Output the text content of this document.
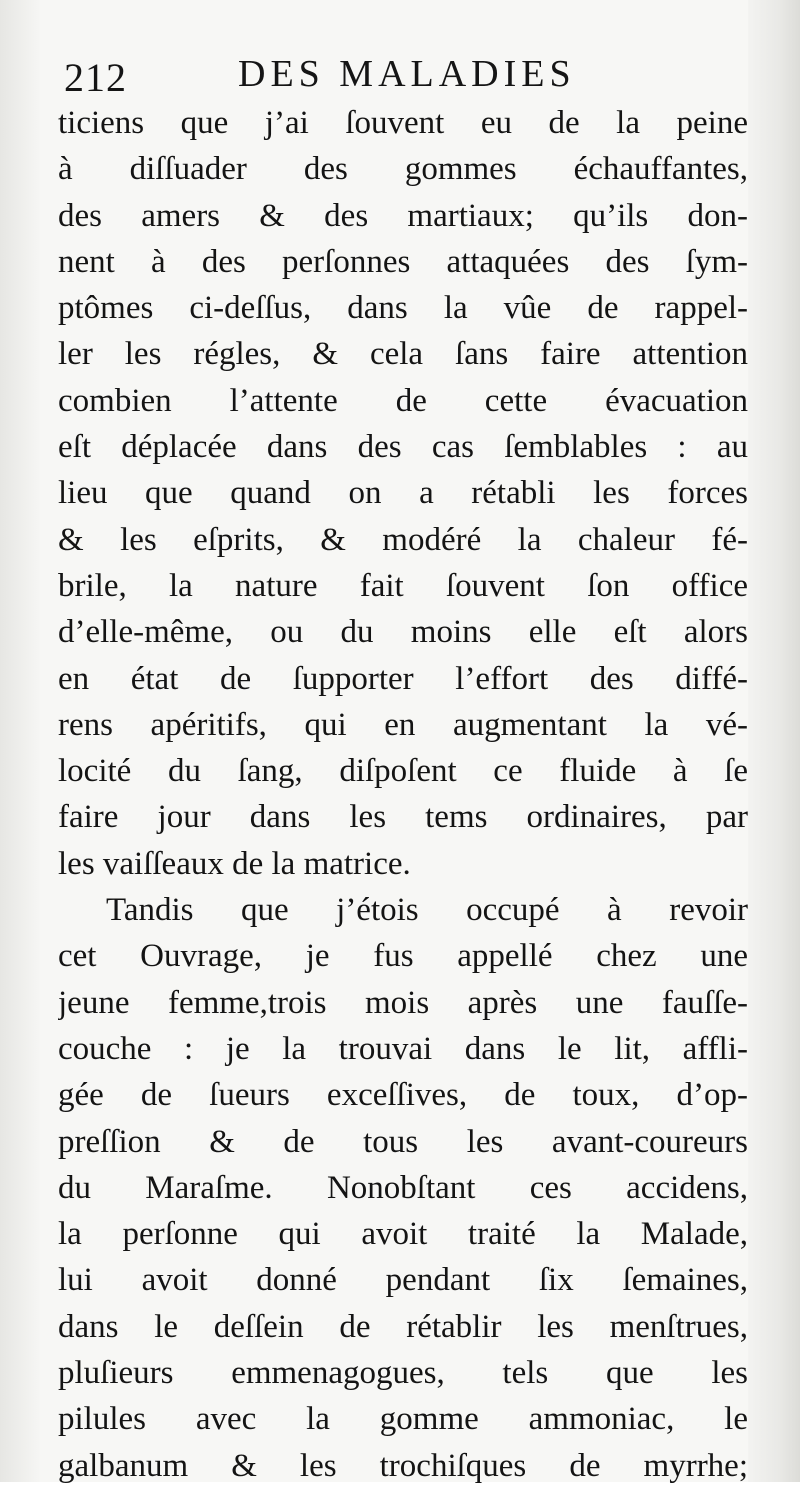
212	DES MALADIES
ticiens que j’ai ſouvent eu de la peine
à diſſuader des gommes échauffantes,
des amers & des martiaux; qu’ils don-
nent à des perſonnes attaquées des ſym-
ptômes ci-deſſus, dans la vûe de rappel-
ler les régles, & cela ſans faire attention
combien l’attente de cette évacuation
eſt déplacée dans des cas ſemblables : au
lieu que quand on a rétabli les forces
& les eſprits, & modéré la chaleur fé-
brile, la nature fait ſouvent ſon office
d’elle-même, ou du moins elle eſt alors
en état de ſupporter l’effort des diffé-
rens apéritifs, qui en augmentant la vé-
locité du ſang, diſpoſent ce fluide à ſe
faire jour dans les tems ordinaires, par
les vaiſſeaux de la matrice.
Tandis que j’étois occupé à revoir
cet Ouvrage, je fus appellé chez une
jeune femme,trois mois après une fauſſe-
couche : je la trouvai dans le lit, affli-
gée de ſueurs exceſſives, de toux, d’op-
preſſion & de tous les avant-coureurs
du Maraſme. Nonobſtant ces accidens,
la perſonne qui avoit traité la Malade,
lui avoit donné pendant ſix ſemaines,
dans le deſſein de rétablir les menſtrues,
pluſieurs emmenagogues, tels que les
pilules avec la gomme ammoniac, le
galbanum & les trochiſques de myrrhe;
